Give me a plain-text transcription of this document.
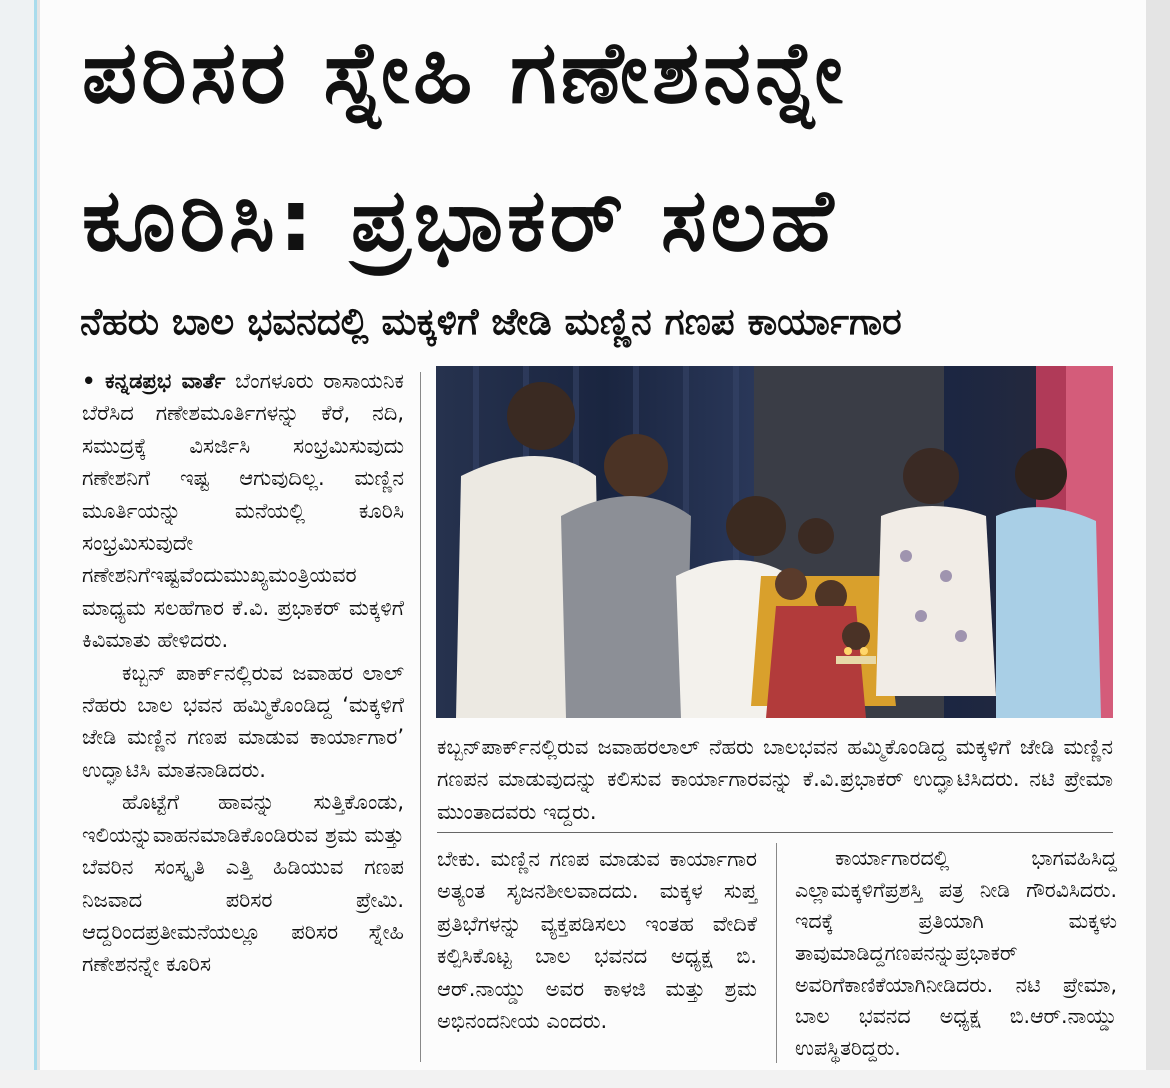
ಪರಿಸರ ಸ್ನೇಹಿ ಗಣೇಶನನ್ನೇ
ಕೂರಿಸಿ: ಪ್ರಭಾಕರ್ ಸಲಹೆ
ನೆಹರು ಬಾಲ ಭವನದಲ್ಲಿ ಮಕ್ಕಳಿಗೆ ಜೇಡಿ ಮಣ್ಣಿನ ಗಣಪ ಕಾರ್ಯಾಗಾರ

• ಕನ್ನಡಪ್ರಭ ವಾರ್ತೆ ಬೆಂಗಳೂರು ರಾಸಾಯನಿಕ ಬೆರೆಸಿದ ಗಣೇಶಮೂರ್ತಿಗಳನ್ನು ಕೆರೆ, ನದಿ, ಸಮುದ್ರಕ್ಕೆ ವಿಸರ್ಜಿಸಿ ಸಂಭ್ರಮಿಸುವುದು ಗಣೇಶನಿಗೆ ಇಷ್ಟ ಆಗುವುದಿಲ್ಲ. ಮಣ್ಣಿನ ಮೂರ್ತಿಯನ್ನು ಮನೆಯಲ್ಲಿ ಕೂರಿಸಿ ಸಂಭ್ರಮಿಸುವುದೇ ಗಣೇಶನಿಗೆಇಷ್ಟವೆಂದುಮುಖ್ಯಮಂತ್ರಿಯವರ ಮಾಧ್ಯಮ ಸಲಹೆಗಾರ ಕೆ.ವಿ. ಪ್ರಭಾಕರ್ ಮಕ್ಕಳಿಗೆ ಕಿವಿಮಾತು ಹೇಳಿದರು.

ಕಬ್ಬನ್ ಪಾರ್ಕ್‌ನಲ್ಲಿರುವ ಜವಾಹರ ಲಾಲ್ ನೆಹರು ಬಾಲ ಭವನ ಹಮ್ಮಿಕೊಂಡಿದ್ದ ‘ಮಕ್ಕಳಿಗೆ ಜೇಡಿ ಮಣ್ಣಿನ ಗಣಪ ಮಾಡುವ ಕಾರ್ಯಾಗಾರ’ ಉದ್ಘಾಟಿಸಿ ಮಾತನಾಡಿದರು.

ಹೊಟ್ಟೆಗೆ ಹಾವನ್ನು ಸುತ್ತಿಕೊಂಡು, ಇಲಿಯನ್ನುವಾಹನಮಾಡಿಕೊಂಡಿರುವ ಶ್ರಮ ಮತ್ತು ಬೆವರಿನ ಸಂಸ್ಕೃತಿ ಎತ್ತಿ ಹಿಡಿಯುವ ಗಣಪ ನಿಜವಾದ ಪರಿಸರ ಪ್ರೇಮಿ. ಆದ್ದರಿಂದಪ್ರತೀಮನೆಯಲ್ಲೂ ಪರಿಸರ ಸ್ನೇಹಿ ಗಣೇಶನನ್ನೇ ಕೂರಿಸ

ಕಬ್ಬನ್‌ಪಾರ್ಕ್‌ನಲ್ಲಿರುವ ಜವಾಹರಲಾಲ್ ನೆಹರು ಬಾಲಭವನ ಹಮ್ಮಿಕೊಂಡಿದ್ದ ಮಕ್ಕಳಿಗೆ ಜೇಡಿ ಮಣ್ಣಿನ ಗಣಪನ ಮಾಡುವುದನ್ನು ಕಲಿಸುವ ಕಾರ್ಯಾಗಾರವನ್ನು ಕೆ.ವಿ.ಪ್ರಭಾಕರ್ ಉದ್ಘಾಟಿಸಿದರು. ನಟಿ ಪ್ರೇಮಾ ಮುಂತಾದವರು ಇದ್ದರು.

ಬೇಕು. ಮಣ್ಣಿನ ಗಣಪ ಮಾಡುವ ಕಾರ್ಯಾಗಾರ ಅತ್ಯಂತ ಸೃಜನಶೀಲವಾದದು. ಮಕ್ಕಳ ಸುಪ್ತ ಪ್ರತಿಭೆಗಳನ್ನು ವ್ಯಕ್ತಪಡಿಸಲು ಇಂತಹ ವೇದಿಕೆ ಕಲ್ಪಿಸಿಕೊಟ್ಟ ಬಾಲ ಭವನದ ಅಧ್ಯಕ್ಷ ಬಿ. ಆರ್.ನಾಯ್ಡು ಅವರ ಕಾಳಜಿ ಮತ್ತು ಶ್ರಮ ಅಭಿನಂದನೀಯ ಎಂದರು.

ಕಾರ್ಯಾಗಾರದಲ್ಲಿ ಭಾಗವಹಿಸಿದ್ದ ಎಲ್ಲಾಮಕ್ಕಳಿಗೆಪ್ರಶಸ್ತಿ ಪತ್ರ ನೀಡಿ ಗೌರವಿಸಿದರು. ಇದಕ್ಕೆ ಪ್ರತಿಯಾಗಿ ಮಕ್ಕಳು ತಾವುಮಾಡಿದ್ದಗಣಪನನ್ನುಪ್ರಭಾಕರ್ ಅವರಿಗೆಕಾಣಿಕೆಯಾಗಿನೀಡಿದರು. ನಟಿ ಪ್ರೇಮಾ, ಬಾಲ ಭವನದ ಅಧ್ಯಕ್ಷ ಬಿ.ಆರ್.ನಾಯ್ಡು ಉಪಸ್ಥಿತರಿದ್ದರು.
